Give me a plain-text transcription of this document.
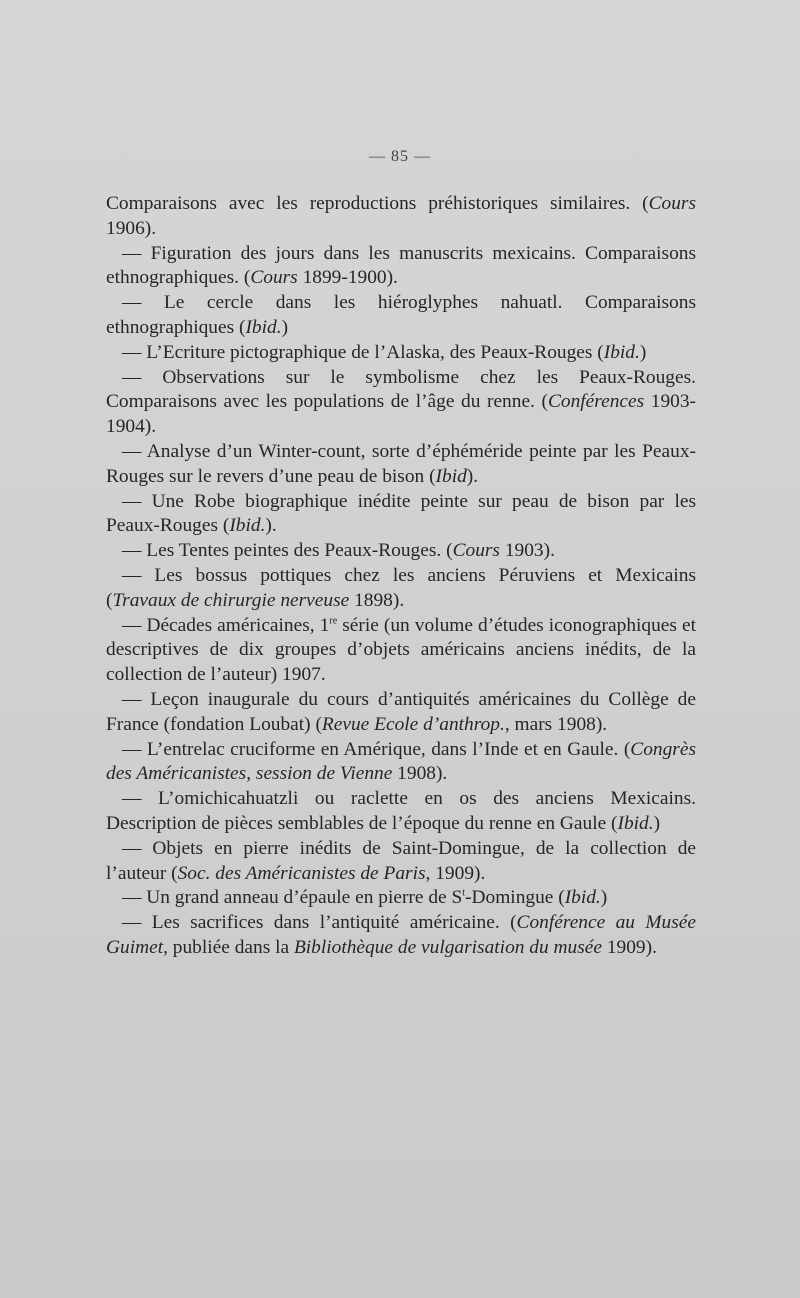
— 85 —

Comparaisons avec les reproductions préhistoriques similaires. (Cours 1906).

— Figuration des jours dans les manuscrits mexicains. Comparaisons ethnographiques. (Cours 1899-1900).

— Le cercle dans les hiéroglyphes nahuatl. Comparaisons ethnographiques (Ibid.)

— L’Ecriture pictographique de l’Alaska, des Peaux-Rouges (Ibid.)

— Observations sur le symbolisme chez les Peaux-Rouges. Comparaisons avec les populations de l’âge du renne. (Conférences 1903-1904).

— Analyse d’un Winter-count, sorte d’éphéméride peinte par les Peaux-Rouges sur le revers d’une peau de bison (Ibid).

— Une Robe biographique inédite peinte sur peau de bison par les Peaux-Rouges (Ibid.).

— Les Tentes peintes des Peaux-Rouges. (Cours 1903).

— Les bossus pottiques chez les anciens Péruviens et Mexicains (Travaux de chirurgie nerveuse 1898).

— Décades américaines, 1re série (un volume d’études iconographiques et descriptives de dix groupes d’objets américains anciens inédits, de la collection de l’auteur) 1907.

— Leçon inaugurale du cours d’antiquités américaines du Collège de France (fondation Loubat) (Revue Ecole d’anthrop., mars 1908).

— L’entrelac cruciforme en Amérique, dans l’Inde et en Gaule. (Congrès des Américanistes, session de Vienne 1908).

— L’omichicahuatzli ou raclette en os des anciens Mexicains. Description de pièces semblables de l’époque du renne en Gaule (Ibid.)

— Objets en pierre inédits de Saint-Domingue, de la collection de l’auteur (Soc. des Américanistes de Paris, 1909).

— Un grand anneau d’épaule en pierre de $S^t$-Domingue (Ibid.)

— Les sacrifices dans l’antiquité américaine. (Conférence au Musée Guimet, publiée dans la Bibliothèque de vulgarisation du musée 1909).
